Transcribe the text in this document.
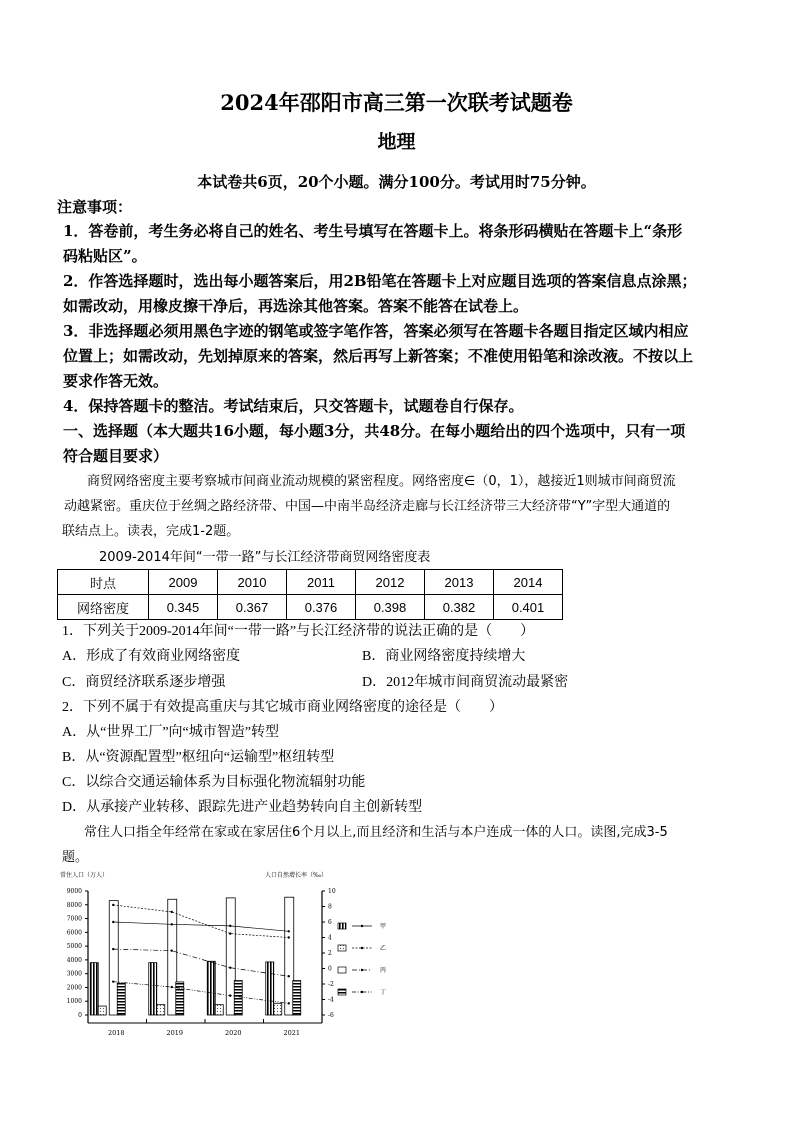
2024年邵阳市高三第一次联考试题卷
地理
本试卷共6页，20个小题。满分100分。考试用时75分钟。
注意事项：
1．答卷前，考生务必将自己的姓名、考生号填写在答题卡上。将条形码横贴在答题卡上“条形
码粘贴区”。
2．作答选择题时，选出每小题答案后，用2B铅笔在答题卡上对应题目选项的答案信息点涂黑；
如需改动，用橡皮擦干净后，再选涂其他答案。答案不能答在试卷上。
3．非选择题必须用黑色字迹的钢笔或签字笔作答，答案必须写在答题卡各题目指定区域内相应
位置上；如需改动，先划掉原来的答案，然后再写上新答案；不准使用铅笔和涂改液。不按以上
要求作答无效。
4．保持答题卡的整洁。考试结束后，只交答题卡，试题卷自行保存。
一、选择题（本大题共16小题，每小题3分，共48分。在每小题给出的四个选项中，只有一项
符合题目要求）
商贸网络密度主要考察城市间商业流动规模的紧密程度。网络密度∈（0，1），越接近1则城市间商贸流
动越紧密。重庆位于丝绸之路经济带、中国—中南半岛经济走廊与长江经济带三大经济带“Y”字型大通道的
联结点上。读表，完成1-2题。
2009-2014年间“一带一路”与长江经济带商贸网络密度表
时点	2009	2010	2011	2012	2013	2014
网络密度	0.345	0.367	0.376	0.398	0.382	0.401
1．下列关于2009-2014年间“一带一路”与长江经济带的说法正确的是（　　）
A．形成了有效商业网络密度	B．商业网络密度持续增大
C．商贸经济联系逐步增强	D．2012年城市间商贸流动最紧密
2．下列不属于有效提高重庆与其它城市商业网络密度的途径是（　　）
A．从“世界工厂”向“城市智造”转型
B．从“资源配置型”枢纽向“运输型”枢纽转型
C．以综合交通运输体系为目标强化物流辐射功能
D．从承接产业转移、跟踪先进产业趋势转向自主创新转型
常住人口指全年经常在家或在家居住6个月以上,而且经济和生活与本户连成一体的人口。读图,完成3-5
题。
常住人口（万人）	人口自然增长率（‰）
0
1000
2000
3000
4000
5000
6000
7000
8000
9000
-6
-4
-2
0
2
4
6
8
10
2018	2019	2020	2021
甲
乙
丙
丁
